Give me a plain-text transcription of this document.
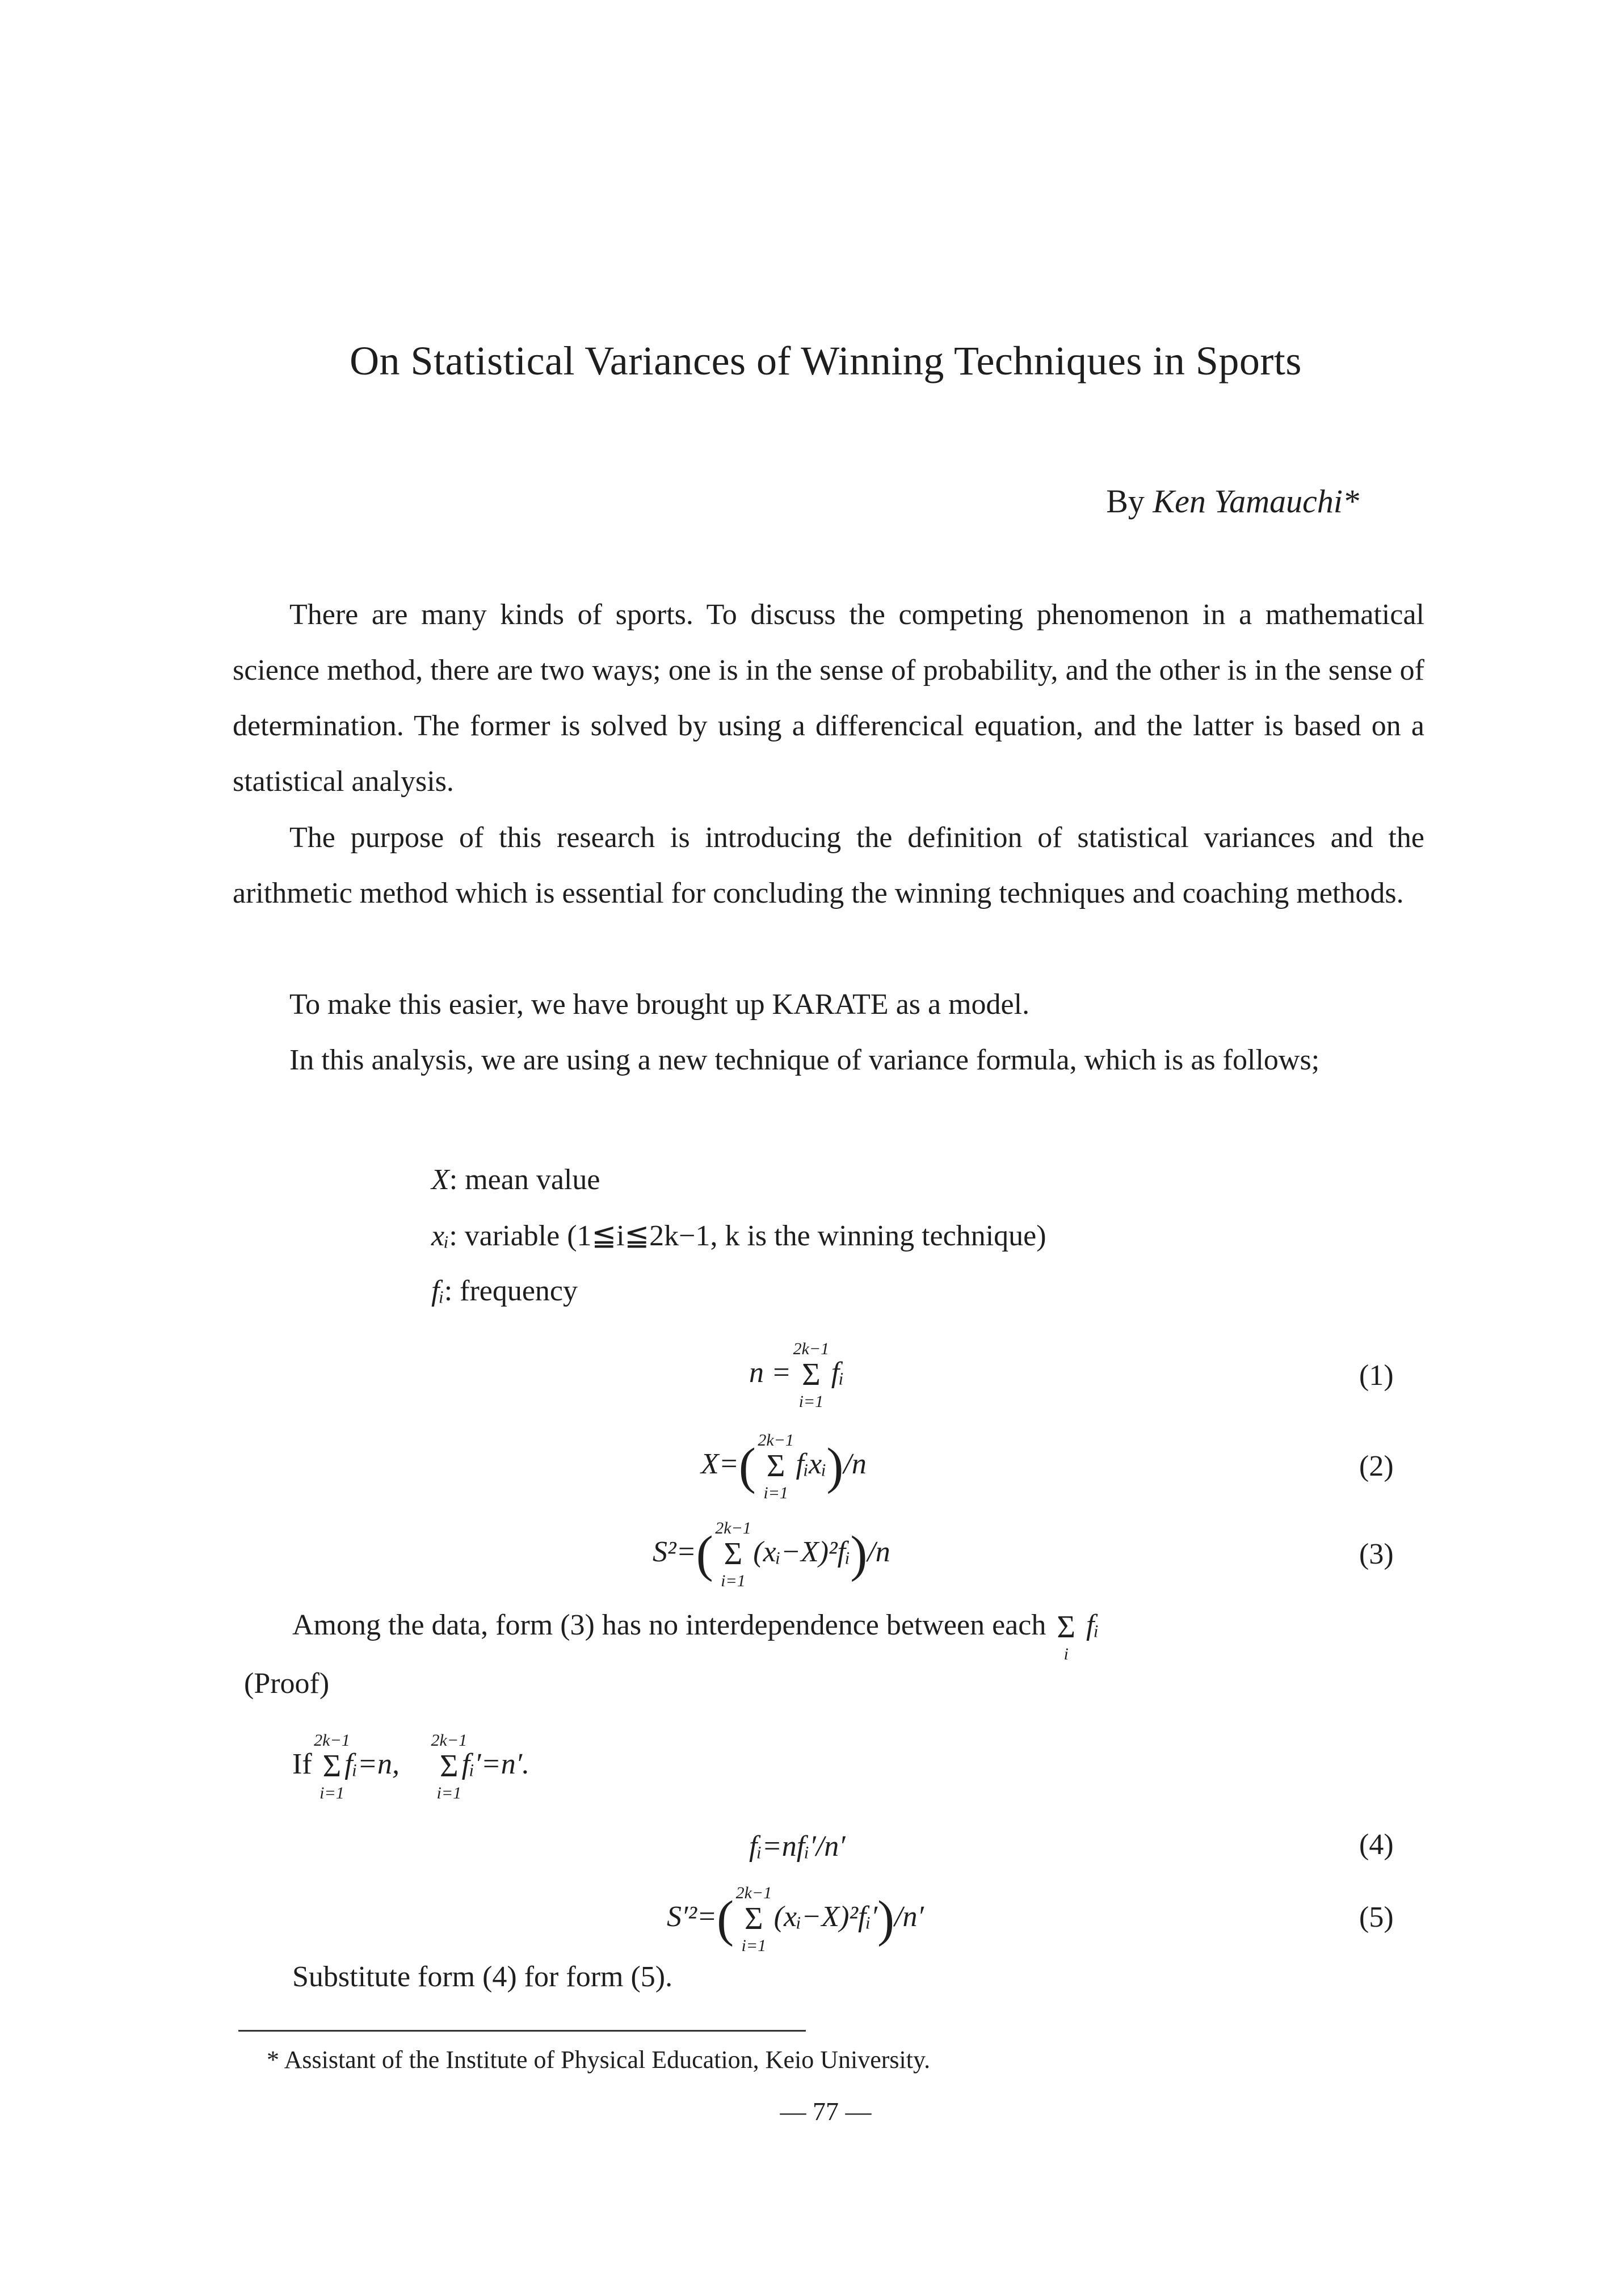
On Statistical Variances of Winning Techniques in Sports
By Ken Yamauchi*
There are many kinds of sports. To discuss the competing phenomenon in a mathematical science method, there are two ways; one is in the sense of probability, and the other is in the sense of determination. The former is solved by using a differencical equation, and the latter is based on a statistical analysis.
The purpose of this research is introducing the definition of statistical variances and the arithmetic method which is essential for concluding the winning techniques and coaching methods.
To make this easier, we have brought up KARATE as a model.
In this analysis, we are using a new technique of variance formula, which is as follows;
X: mean value
xᵢ: variable (1≦i≦2k−1, k is the winning technique)
fᵢ: frequency
n =
2k−1
Σ
i=1
fᵢ	(1)
X=( 2k−1
Σ
i=1
fᵢxᵢ)/n	(2)
S²=( 2k−1
Σ
i=1
(xᵢ−X)²fᵢ)/n	(3)
Among the data, form (3) has no interdependence between each Σ
i
fᵢ
(Proof)
If
2k−1
Σ
i=1
fᵢ=n,
2k−1
Σ
i=1
fᵢ′=n′.
fᵢ=nfᵢ′/n′	(4)
S′²=( 2k−1
Σ
i=1
(xᵢ−X)²fᵢ′)/n′	(5)
Substitute form (4) for form (5).
* Assistant of the Institute of Physical Education, Keio University.
— 77 —
